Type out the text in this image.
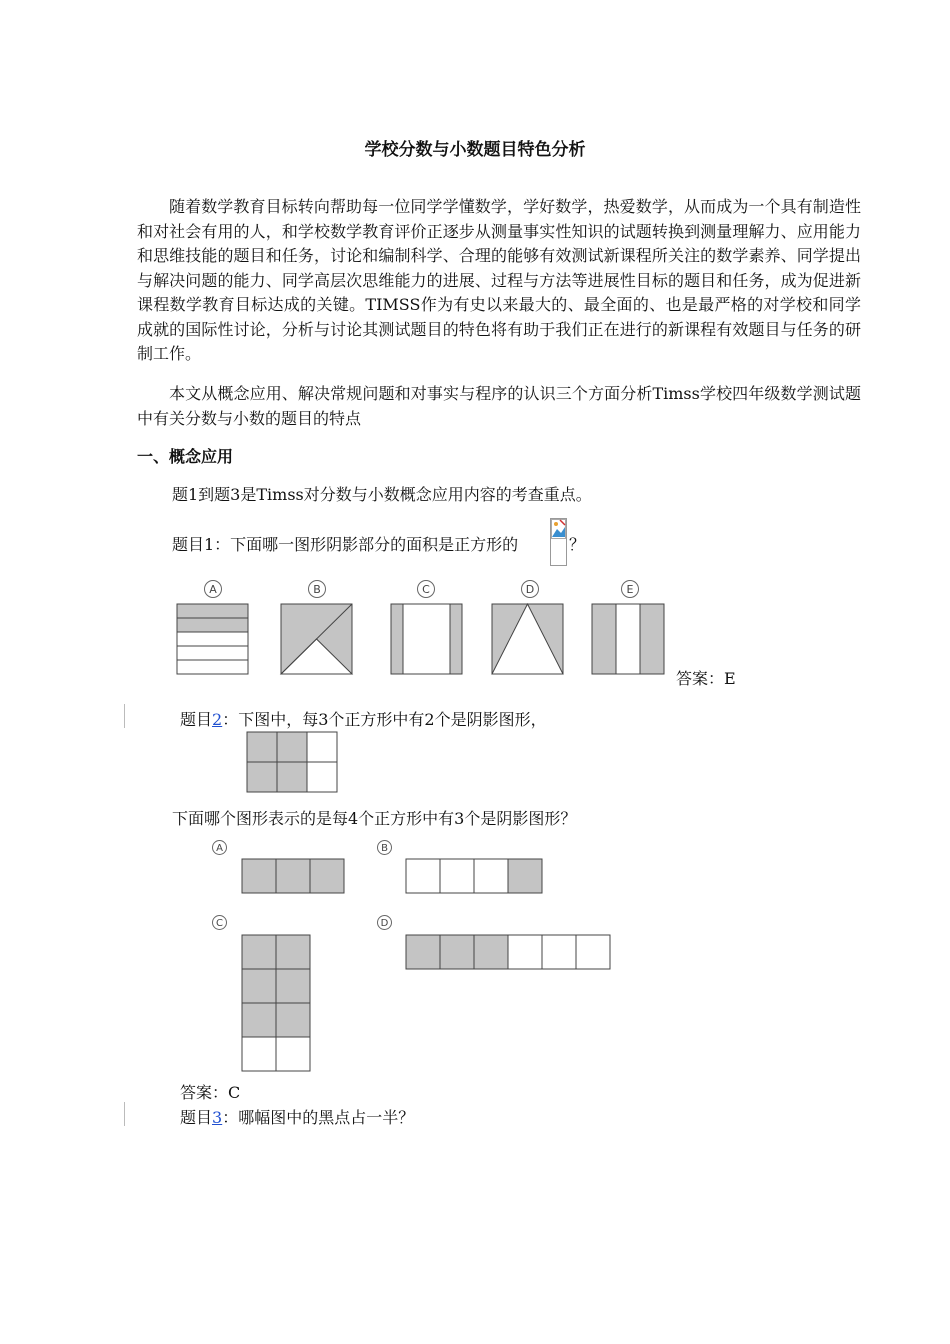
学校分数与小数题目特色分析

随着数学教育目标转向帮助每一位同学学懂数学，学好数学，热爱数学，从而成为一个具有制造性和对社会有用的人，和学校数学教育评价正逐步从测量事实性知识的试题转换到测量理解力、应用能力和思维技能的题目和任务，讨论和编制科学、合理的能够有效测试新课程所关注的数学素养、同学提出与解决问题的能力、同学高层次思维能力的进展、过程与方法等进展性目标的题目和任务，成为促进新课程数学教育目标达成的关键。TIMSS作为有史以来最大的、最全面的、也是最严格的对学校和同学成就的国际性讨论，分析与讨论其测试题目的特色将有助于我们正在进行的新课程有效题目与任务的研制工作。

本文从概念应用、解决常规问题和对事实与程序的认识三个方面分析Timss学校四年级数学测试题中有关分数与小数的题目的特点

一、概念应用
题1到题3是Timss对分数与小数概念应用内容的考查重点。
题目1：下面哪一图形阴影部分的面积是正方形的	？
A	B	C	D	E
答案：E
题目2：下图中，每3个正方形中有2个是阴影图形，
下面哪个图形表示的是每4个正方形中有3个是阴影图形？
A	B
C	D
答案：C
题目3：哪幅图中的黑点占一半？
